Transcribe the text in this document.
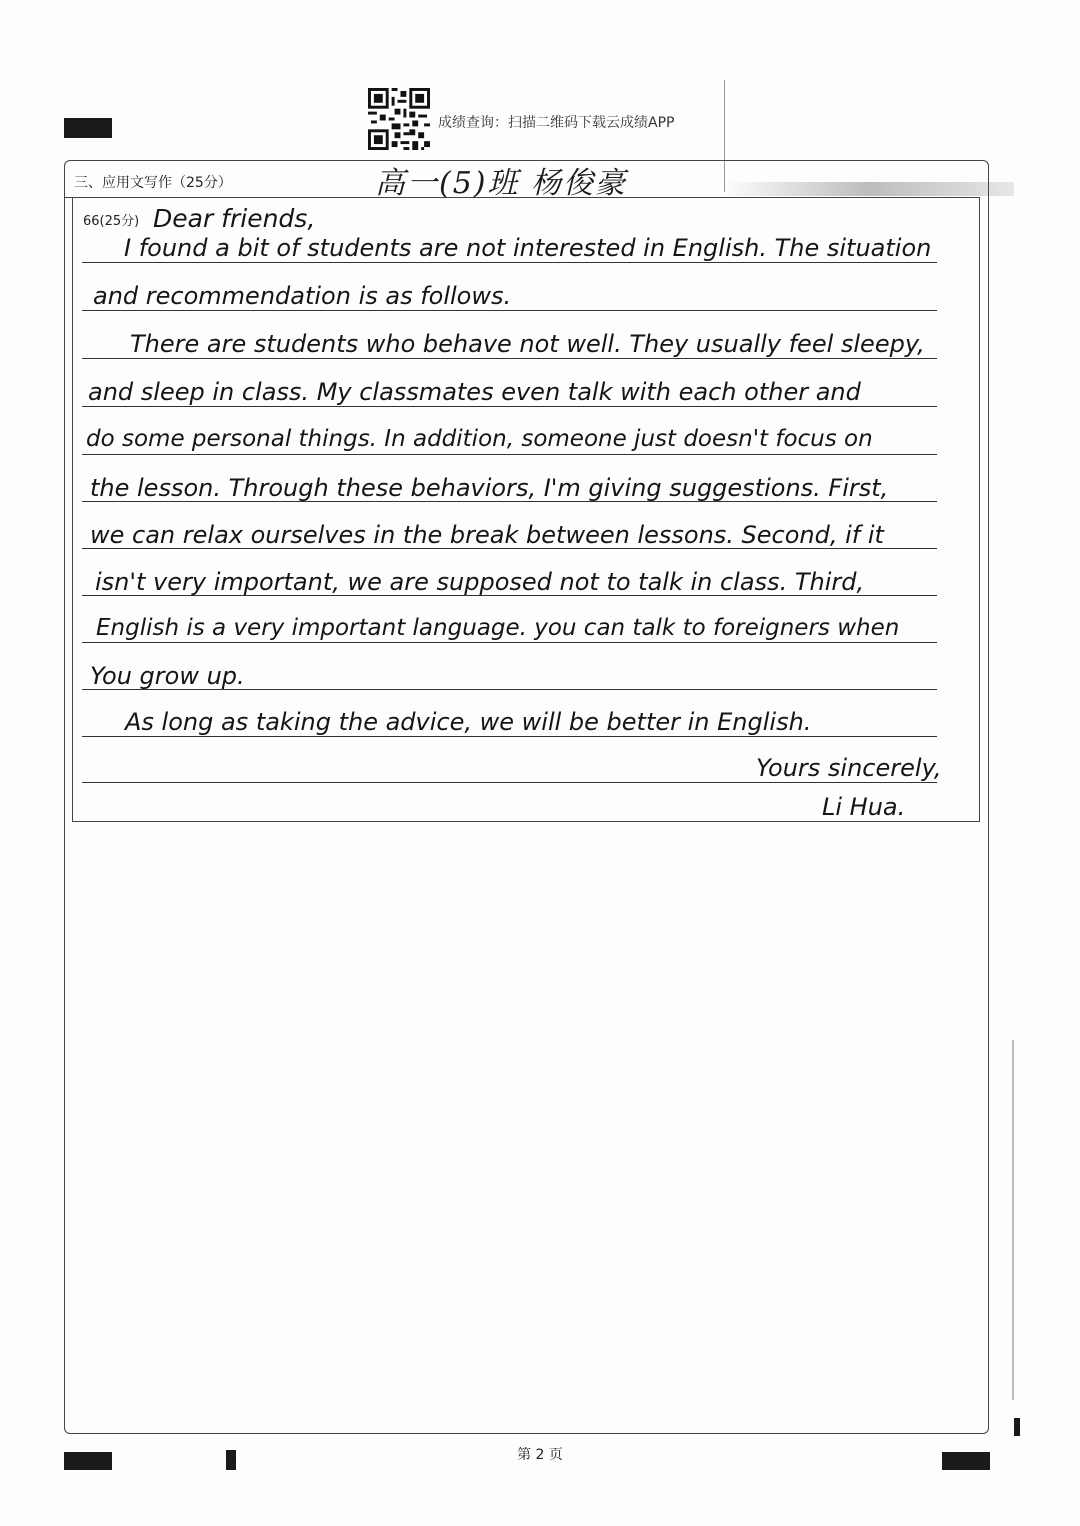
成绩查询：扫描二维码下载云成绩APP
三、应用文写作（25分）	高一(5)班 杨俊豪
66(25分) Dear friends,
I found a bit of students are not interested in English. The situation
and recommendation is as follows.
There are students who behave not well. They usually feel sleepy,
and sleep in class. My classmates even talk with each other and
do some personal things. In addition, someone just doesn't focus on
the lesson. Through these behaviors, I'm giving suggestions. First,
we can relax ourselves in the break between lessons. Second, if it
isn't very important, we are supposed not to talk in class. Third,
English is a very important language. you can talk to foreigners when
You grow up.
As long as taking the advice, we will be better in English.
Yours sincerely,
Li Hua.
第 2 页
